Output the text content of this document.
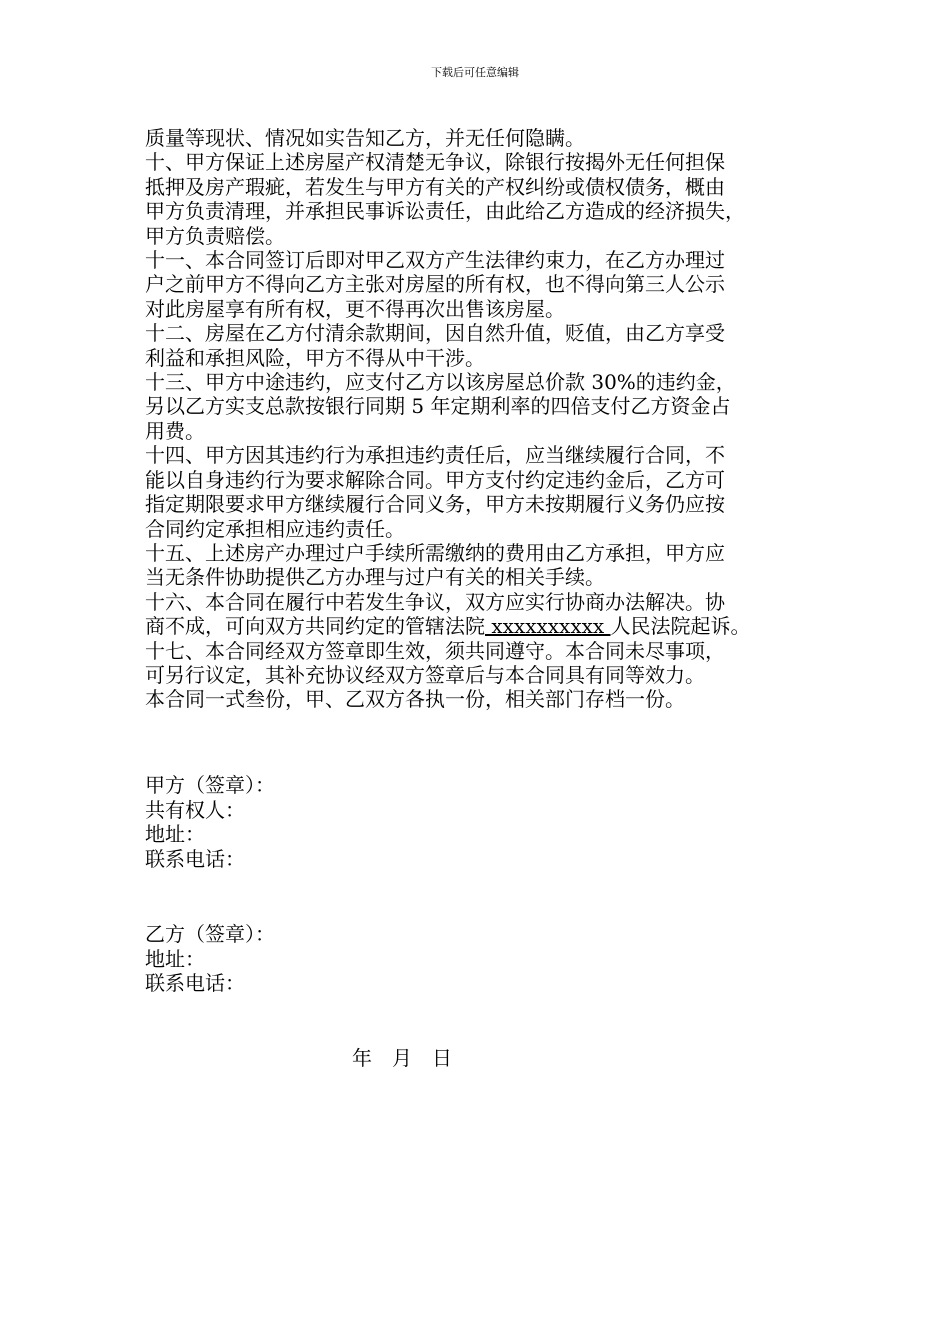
下载后可任意编辑
质量等现状、情况如实告知乙方，并无任何隐瞒。
十、甲方保证上述房屋产权清楚无争议，除银行按揭外无任何担保
抵押及房产瑕疵，若发生与甲方有关的产权纠纷或债权债务，概由
甲方负责清理，并承担民事诉讼责任，由此给乙方造成的经济损失，
甲方负责赔偿。
十一、本合同签订后即对甲乙双方产生法律约束力，在乙方办理过
户之前甲方不得向乙方主张对房屋的所有权，也不得向第三人公示
对此房屋享有所有权，更不得再次出售该房屋。
十二、房屋在乙方付清余款期间，因自然升值，贬值，由乙方享受
利益和承担风险，甲方不得从中干涉。
十三、甲方中途违约，应支付乙方以该房屋总价款 30%的违约金，
另以乙方实支总款按银行同期 5 年定期利率的四倍支付乙方资金占
用费。
十四、甲方因其违约行为承担违约责任后，应当继续履行合同，不
能以自身违约行为要求解除合同。甲方支付约定违约金后，乙方可
指定期限要求甲方继续履行合同义务，甲方未按期履行义务仍应按
合同约定承担相应违约责任。
十五、上述房产办理过户手续所需缴纳的费用由乙方承担，甲方应
当无条件协助提供乙方办理与过户有关的相关手续。
十六、本合同在履行中若发生争议，双方应实行协商办法解决。协
商不成，可向双方共同约定的管辖法院 xxxxxxxxxx 人民法院起诉。
十七、本合同经双方签章即生效，须共同遵守。本合同未尽事项，
可另行议定，其补充协议经双方签章后与本合同具有同等效力。
本合同一式叁份，甲、乙双方各执一份，相关部门存档一份。
甲方（签章）：
共有权人：
地址：
联系电话：
乙方（签章）：
地址：
联系电话：
年　月　日
